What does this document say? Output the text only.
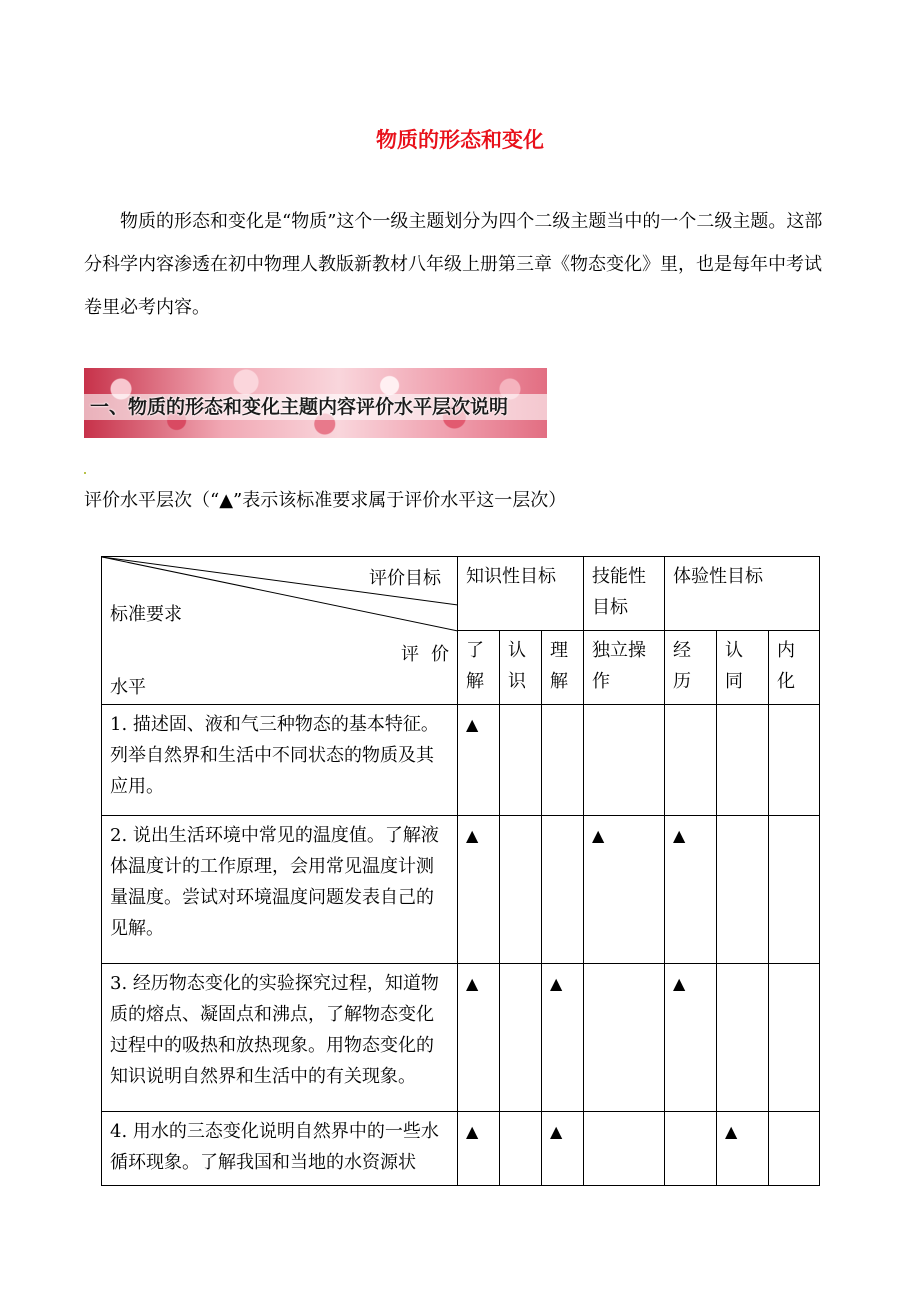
物质的形态和变化
物质的形态和变化是“物质”这个一级主题划分为四个二级主题当中的一个二级主题。这部分科学内容渗透在初中物理人教版新教材八年级上册第三章《物态变化》里，也是每年中考试卷里必考内容。
一、物质的形态和变化主题内容评价水平层次说明
评价水平层次（“▲”表示该标准要求属于评价水平这一层次）
评价目标
标准要求
评价
水平	知识性目标			技能性目标	体验性目标		
	了解	认识	理解	独立操作	经历	认同	内化
1. 描述固、液和气三种物态的基本特征。列举自然界和生活中不同状态的物质及其应用。	▲						
2. 说出生活环境中常见的温度值。了解液体温度计的工作原理，会用常见温度计测量温度。尝试对环境温度问题发表自己的见解。	▲			▲	▲		
3. 经历物态变化的实验探究过程，知道物质的熔点、凝固点和沸点，了解物态变化过程中的吸热和放热现象。用物态变化的知识说明自然界和生活中的有关现象。	▲		▲		▲		
4. 用水的三态变化说明自然界中的一些水循环现象。了解我国和当地的水资源状	▲		▲			▲	
